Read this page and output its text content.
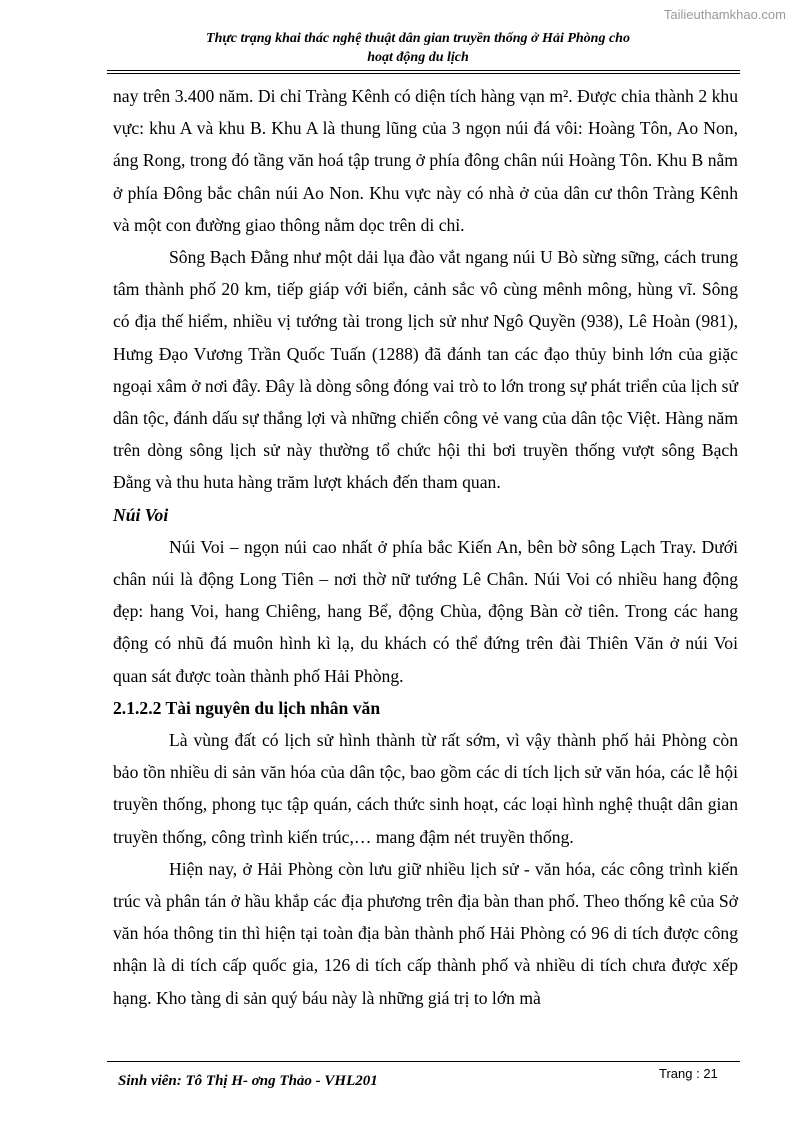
Tailieuthamkhao.com
Thực trạng khai thác nghệ thuật dân gian truyền thống ở Hải Phòng cho
hoạt động du lịch

nay trên 3.400 năm. Di chỉ Tràng Kênh có diện tích hàng vạn m². Được chia thành 2 khu vực: khu A và khu B. Khu A là thung lũng của 3 ngọn núi đá vôi: Hoàng Tôn, Ao Non, áng Rong, trong đó tầng văn hoá tập trung ở phía đông chân núi Hoàng Tôn. Khu B nằm ở phía Đông bắc chân núi Ao Non. Khu vực này có nhà ở của dân cư thôn Tràng Kênh và một con đường giao thông nằm dọc trên di chỉ.

Sông Bạch Đằng như một dải lụa đào vắt ngang núi U Bò sừng sững, cách trung tâm thành phố 20 km, tiếp giáp với biển, cảnh sắc vô cùng mênh mông, hùng vĩ. Sông có địa thế hiểm, nhiều vị tướng tài trong lịch sử như Ngô Quyền (938), Lê Hoàn (981), Hưng Đạo Vương Trần Quốc Tuấn (1288) đã đánh tan các đạo thủy binh lớn của giặc ngoại xâm ở nơi đây. Đây là dòng sông đóng vai trò to lớn trong sự phát triển của lịch sử dân tộc, đánh dấu sự thắng lợi và những chiến công vẻ vang của dân tộc Việt. Hàng năm trên dòng sông lịch sử này thường tổ chức hội thi bơi truyền thống vượt sông Bạch Đằng và thu huta hàng trăm lượt khách đến tham quan.

Núi Voi

Núi Voi – ngọn núi cao nhất ở phía bắc Kiến An, bên bờ sông Lạch Tray. Dưới chân núi là động Long Tiên – nơi thờ nữ tướng Lê Chân. Núi Voi có nhiều hang động đẹp: hang Voi, hang Chiêng, hang Bể, động Chùa, động Bàn cờ tiên. Trong các hang động có nhũ đá muôn hình kì lạ, du khách có thể đứng trên đài Thiên Văn ở núi Voi quan sát được toàn thành phố Hải Phòng.

2.1.2.2 Tài nguyên du lịch nhân văn

Là vùng đất có lịch sử hình thành từ rất sớm, vì vậy thành phố hải Phòng còn bảo tồn nhiều di sản văn hóa của dân tộc, bao gồm các di tích lịch sử văn hóa, các lễ hội truyền thống, phong tục tập quán, cách thức sinh hoạt, các loại hình nghệ thuật dân gian truyền thống, công trình kiến trúc,… mang đậm nét truyền thống.

Hiện nay, ở Hải Phòng còn lưu giữ nhiều lịch sử - văn hóa, các công trình kiến trúc và phân tán ở hầu khắp các địa phương trên địa bàn than phố. Theo thống kê của Sở văn hóa thông tin thì hiện tại toàn địa bàn thành phố Hải Phòng có 96 di tích được công nhận là di tích cấp quốc gia, 126 di tích cấp thành phố và nhiều di tích chưa được xếp hạng. Kho tàng di sản quý báu này là những giá trị to lớn mà

Sinh viên: Tô Thị H- ơng Thảo - VHL201	Trang : 21
